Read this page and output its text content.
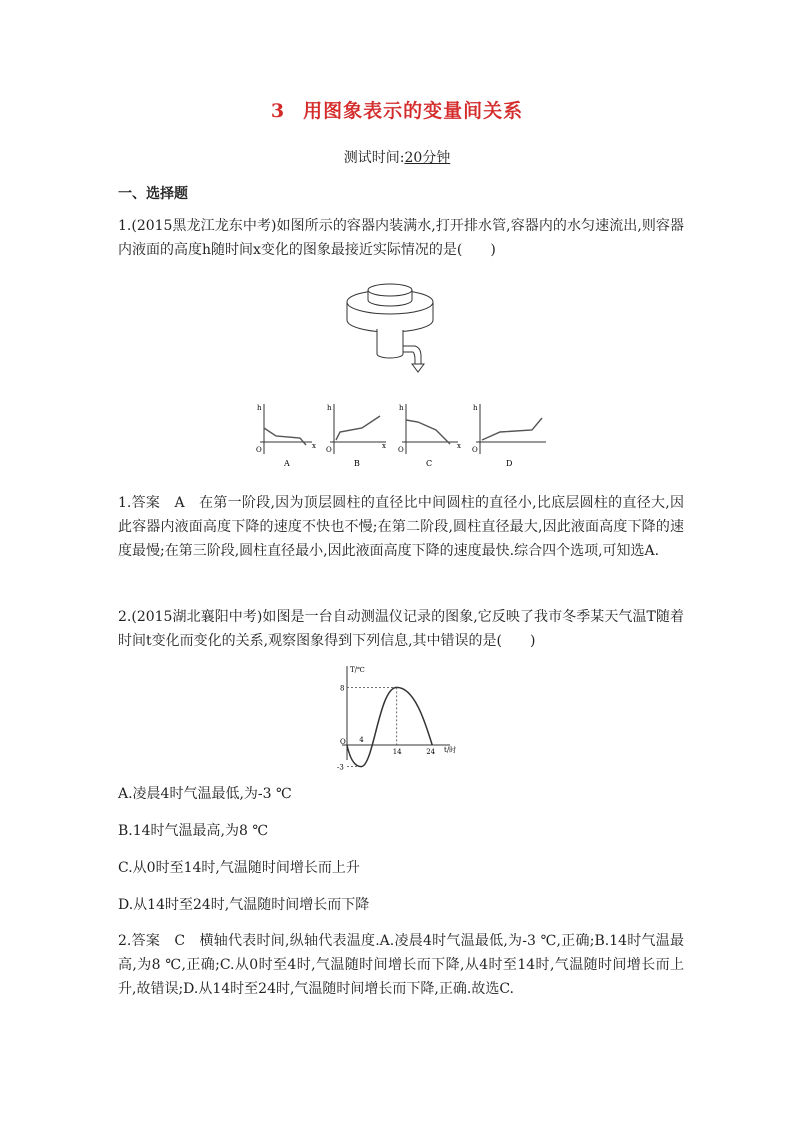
3 用图象表示的变量间关系
测试时间:20分钟
一、选择题
1.(2015黑龙江龙东中考)如图所示的容器内装满水,打开排水管,容器内的水匀速流出,则容器内液面的高度h随时间x变化的图象最接近实际情况的是(　　)
h
x
O
A
h
x
O
B
h
x
O
C
h
O
D
1.答案　A　在第一阶段,因为顶层圆柱的直径比中间圆柱的直径小,比底层圆柱的直径大,因此容器内液面高度下降的速度不快也不慢;在第二阶段,圆柱直径最大,因此液面高度下降的速度最慢;在第三阶段,圆柱直径最小,因此液面高度下降的速度最快.综合四个选项,可知选A.
2.(2015湖北襄阳中考)如图是一台自动测温仪记录的图象,它反映了我市冬季某天气温T随着时间t变化而变化的关系,观察图象得到下列信息,其中错误的是(　　)
T/℃
t/时
O 4
14	24
8
-3
A.凌晨4时气温最低,为-3 ℃
B.14时气温最高,为8 ℃
C.从0时至14时,气温随时间增长而上升
D.从14时至24时,气温随时间增长而下降
2.答案　C　横轴代表时间,纵轴代表温度.A.凌晨4时气温最低,为-3 ℃,正确;B.14时气温最高,为8 ℃,正确;C.从0时至4时,气温随时间增长而下降,从4时至14时,气温随时间增长而上升,故错误;D.从14时至24时,气温随时间增长而下降,正确.故选C.
